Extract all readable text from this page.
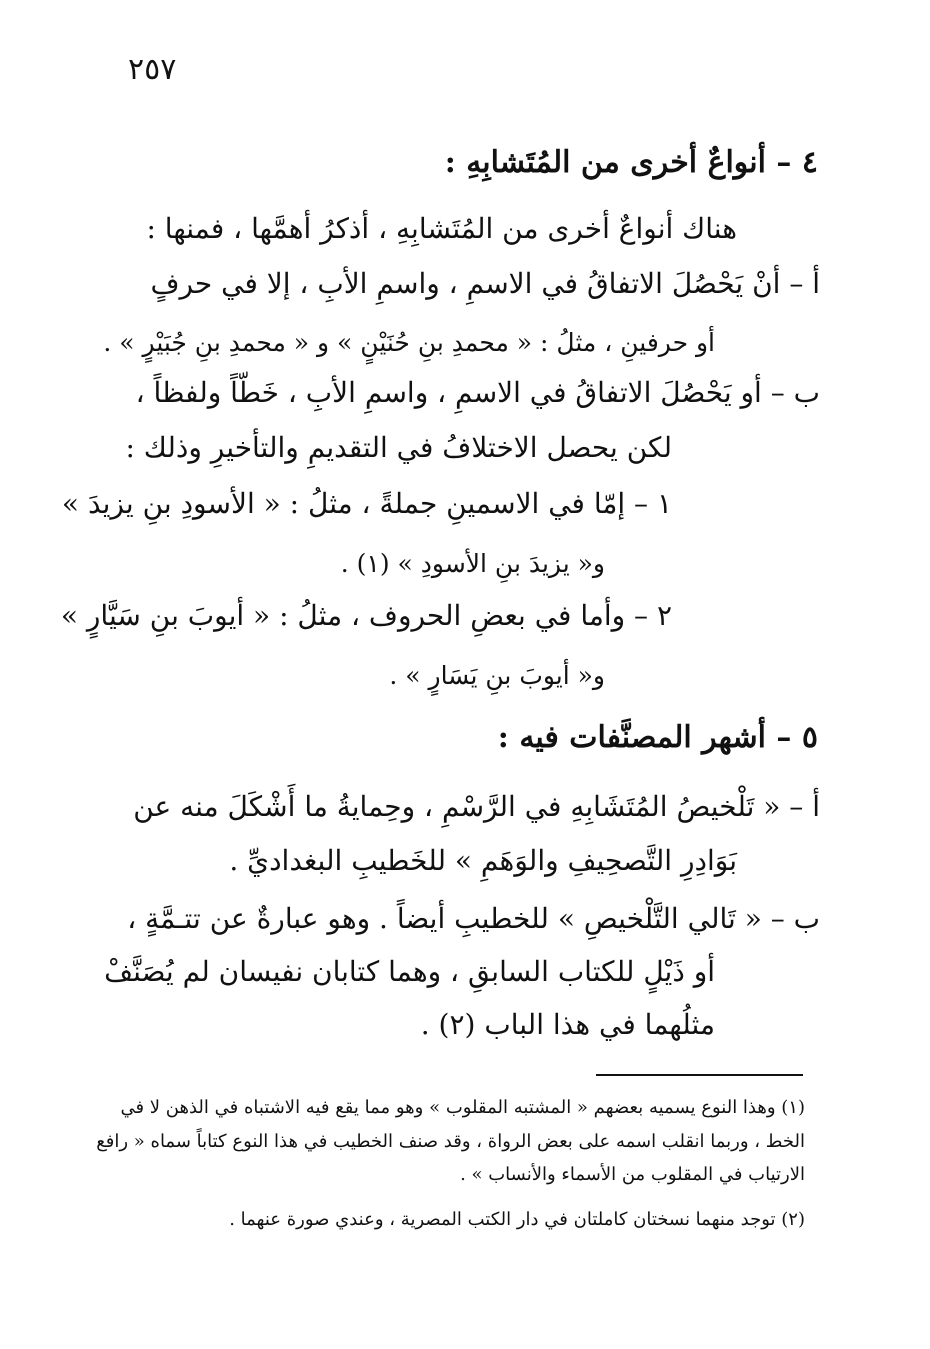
٢٥٧
٤ – أنواعٌ أخرى من المُتَشابِهِ :
هناك أنواعٌ أخرى من المُتَشابِهِ ، أذكرُ أهمَّها ، فمنها :
أ – أنْ يَحْصُلَ الاتفاقُ في الاسمِ ، واسمِ الأبِ ، إلا في حرفٍ
أو حرفينِ ، مثلُ : « محمدِ بنِ حُنَيْنٍ » و « محمدِ بنِ جُبَيْرٍ » .
ب – أو يَحْصُلَ الاتفاقُ في الاسمِ ، واسمِ الأبِ ، خَطّاً ولفظاً ،
لكن يحصل الاختلافُ في التقديمِ والتأخيرِ وذلك :
١ – إمّا في الاسمينِ جملةً ، مثلُ : « الأسودِ بنِ يزيدَ »
و« يزيدَ بنِ الأسودِ » (١) .
٢ – وأما في بعضِ الحروف ، مثلُ : « أيوبَ بنِ سَيَّارٍ »
و« أيوبَ بنِ يَسَارٍ » .
٥ – أشهر المصنَّفات فيه :
أ – « تَلْخيصُ المُتَشَابِهِ في الرَّسْمِ ، وحِمايةُ ما أَشْكَلَ منه عن
بَوَادِرِ التَّصحِيفِ والوَهَمِ » للخَطيبِ البغداديِّ .
ب – « تَالي التَّلْخيصِ » للخطيبِ أيضاً . وهو عبارةٌ عن تتـمَّةٍ ،
أو ذَيْلٍ للكتاب السابقِ ، وهما كتابان نفيسان لم يُصَنَّفْ
مثلُهما في هذا الباب (٢) .
(١) وهذا النوع يسميه بعضهم « المشتبه المقلوب » وهو مما يقع فيه الاشتباه في الذهن لا في
الخط ، وربما انقلب اسمه على بعض الرواة ، وقد صنف الخطيب في هذا النوع كتاباً سماه « رافع
الارتياب في المقلوب من الأسماء والأنساب » .
(٢) توجد منهما نسختان كاملتان في دار الكتب المصرية ، وعندي صورة عنهما .
